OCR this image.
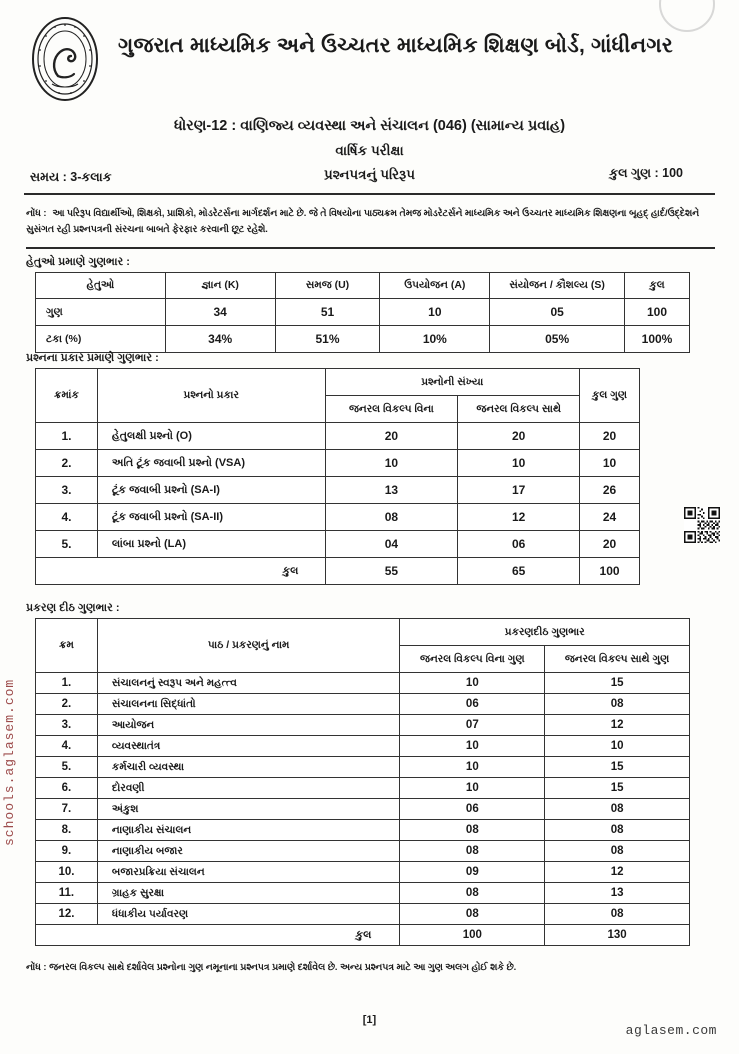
ગુજરાત માધ્યમિક અને ઉચ્ચતર માધ્યમિક શિક્ષણ બોર્ડ, ગાંધીનગર
ધોરણ-12 : વાણિજ્ય વ્યવસ્થા અને સંચાલન (046) (સામાન્ય પ્રવાહ)
વાર્ષિક પરીક્ષા
પ્રશ્નપત્રનું પરિરૂપ
સમય : 3-કલાક	કુલ ગુણ : 100
નોંધ : આ પરિરૂપ વિદ્યાર્થીઓ, શિક્ષકો, પ્રાશિકો, મોડરેટર્સના માર્ગદર્શન માટે છે. જે તે વિષયોના પાઠ્યક્રમ તેમજ મોડરેટર્સને માધ્યમિક અને ઉચ્ચતર માધ્યમિક શિક્ષણના બૃહદ્ હાર્દ/ઉદ્દેશને સુસંગત રહી પ્રશ્નપત્રની સંરચના બાબતે ફેરફાર કરવાની છૂટ રહેશે.
હેતુઓ પ્રમાણે ગુણભાર :
હેતુઓ	જ્ઞાન (K)	સમજ (U)	ઉપયોજન (A)	સંયોજન / કૌશલ્ય (S)	કુલ
ગુણ	34	51	10	05	100
ટકા (%)	34%	51%	10%	05%	100%
પ્રશ્નના પ્રકાર પ્રમાણે ગુણભાર :
ક્રમાંક	પ્રશ્નનો પ્રકાર	પ્રશ્નોની સંખ્યા		કુલ ગુણ
		જનરલ વિકલ્પ વિના	જનરલ વિકલ્પ સાથે	
1.	હેતુલક્ષી પ્રશ્નો (O)	20	20	20
2.	અતિ ટૂંક જવાબી પ્રશ્નો (VSA)	10	10	10
3.	ટૂંક જવાબી પ્રશ્નો (SA-I)	13	17	26
4.	ટૂંક જવાબી પ્રશ્નો (SA-II)	08	12	24
5.	લાંબા પ્રશ્નો (LA)	04	06	20
કુલ		55	65	100
પ્રકરણ દીઠ ગુણભાર :
ક્રમ	પાઠ / પ્રકરણનું નામ	પ્રકરણદીઠ ગુણભાર	
		જનરલ વિકલ્પ વિના ગુણ	જનરલ વિકલ્પ સાથે ગુણ
1.	સંચાલનનું સ્વરૂપ અને મહત્ત્વ	10	15
2.	સંચાલનના સિદ્ધાંતો	06	08
3.	આયોજન	07	12
4.	વ્યવસ્થાતંત્ર	10	10
5.	કર્મચારી વ્યવસ્થા	10	15
6.	દોરવણી	10	15
7.	અંકુશ	06	08
8.	નાણાકીય સંચાલન	08	08
9.	નાણાકીય બજાર	08	08
10.	બજારપ્રક્રિયા સંચાલન	09	12
11.	ગ્રાહક સુરક્ષા	08	13
12.	ધંધાકીય પર્યાવરણ	08	08
કુલ		100	130
નોંધ : જનરલ વિકલ્પ સાથે દર્શાવેલ પ્રશ્નોના ગુણ નમૂનાના પ્રશ્નપત્ર પ્રમાણે દર્શાવેલ છે. અન્ય પ્રશ્નપત્ર માટે આ ગુણ અલગ હોઈ શકે છે.
[1]
schools.aglasem.com
aglasem.com
